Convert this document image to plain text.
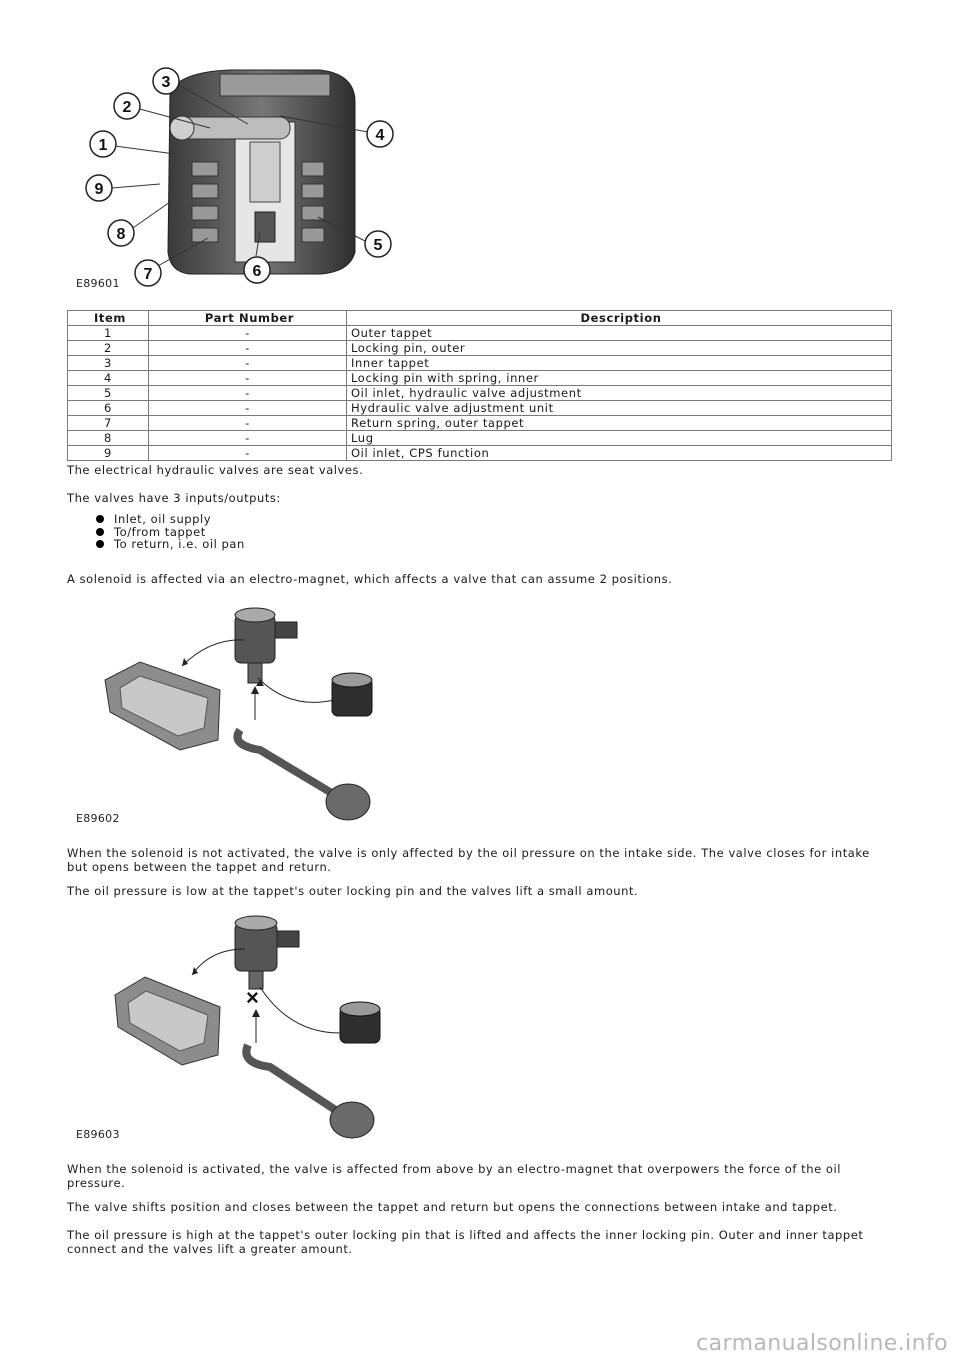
1
2
3
4
5
6
7
8
9
E89601
Item	Part Number	Description
1	-	Outer tappet
2	-	Locking pin, outer
3	-	Inner tappet
4	-	Locking pin with spring, inner
5	-	Oil inlet, hydraulic valve adjustment
6	-	Hydraulic valve adjustment unit
7	-	Return spring, outer tappet
8	-	Lug
9	-	Oil inlet, CPS function

The electrical hydraulic valves are seat valves.

The valves have 3 inputs/outputs:

Inlet, oil supply
To/from tappet
To return, i.e. oil pan

A solenoid is affected via an electro-magnet, which affects a valve that can assume 2 positions.

E89602

When the solenoid is not activated, the valve is only affected by the oil pressure on the intake side. The valve closes for intake but opens between the tappet and return.

The oil pressure is low at the tappet's outer locking pin and the valves lift a small amount.

×
E89603

When the solenoid is activated, the valve is affected from above by an electro-magnet that overpowers the force of the oil pressure.

The valve shifts position and closes between the tappet and return but opens the connections between intake and tappet.

The oil pressure is high at the tappet's outer locking pin that is lifted and affects the inner locking pin. Outer and inner tappet connect and the valves lift a greater amount.

carmanualsonline.info
